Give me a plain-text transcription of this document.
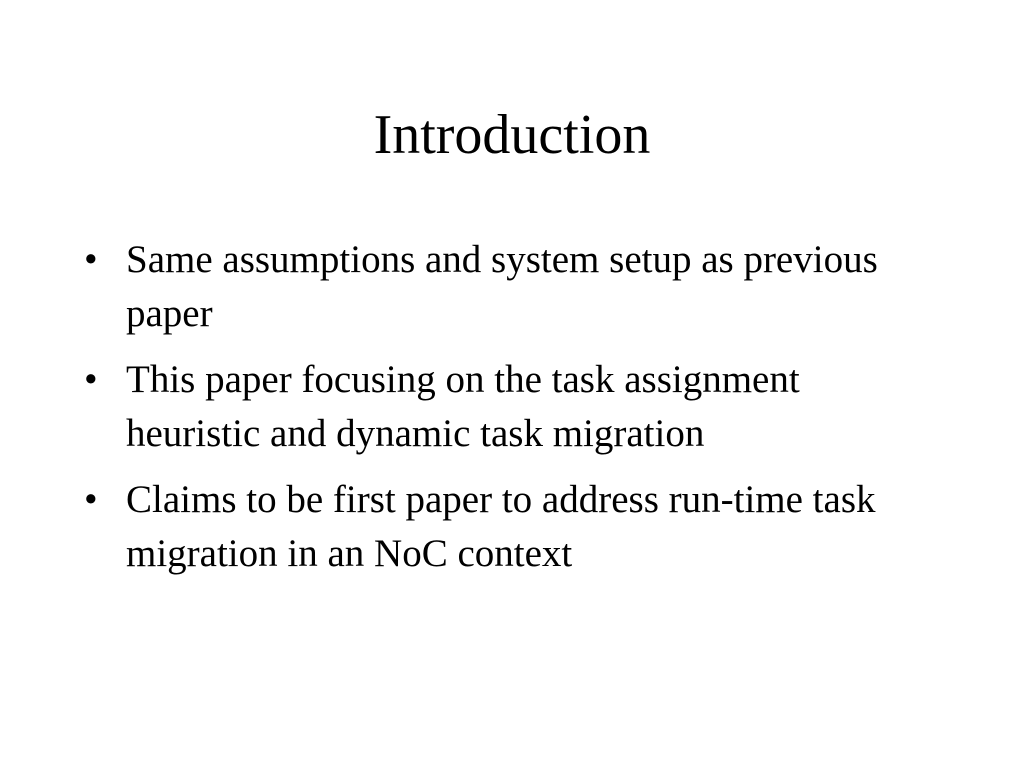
Introduction
• Same assumptions and system setup as previous paper
• This paper focusing on the task assignment heuristic and dynamic task migration
• Claims to be first paper to address run-time task migration in an NoC context
